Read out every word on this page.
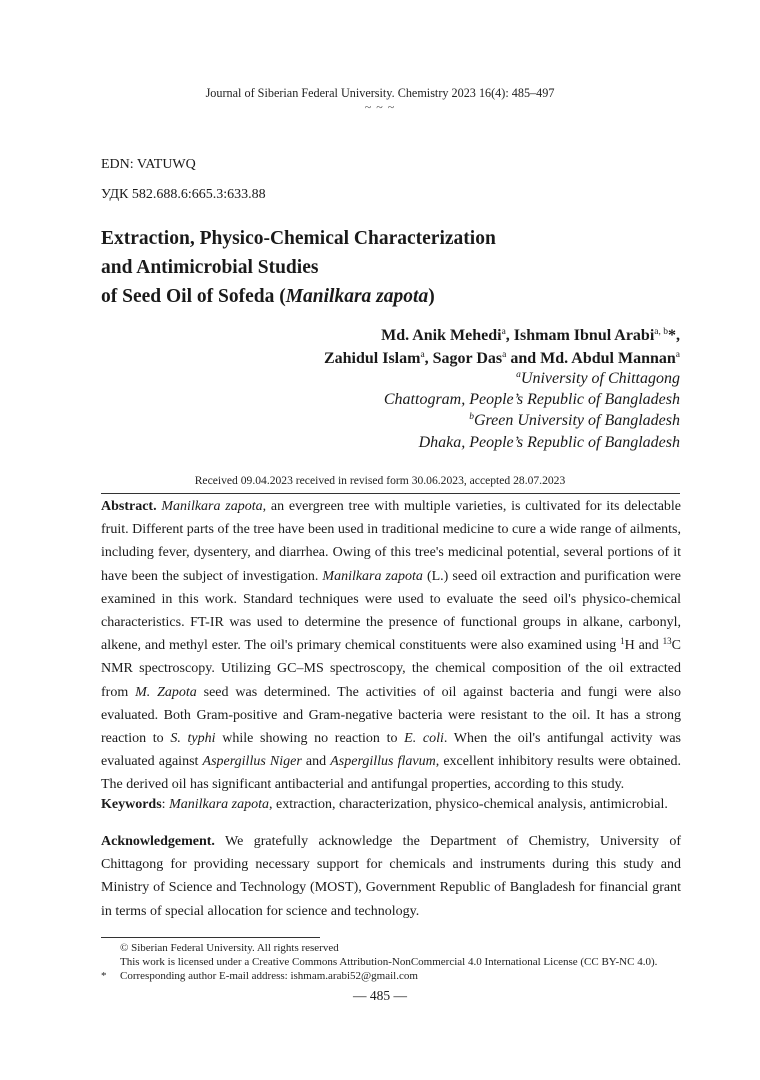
Journal of Siberian Federal University. Chemistry 2023 16(4): 485–497
~ ~ ~
EDN: VATUWQ
УДК 582.688.6:665.3:633.88
Extraction, Physico-Chemical Characterization
and Antimicrobial Studies
of Seed Oil of Sofeda (Manilkara zapota)
Md. Anik Mehedi$^a$, Ishmam Ibnul Arabi$^{a, b}$*,
Zahidul Islam$^a$, Sagor Das$^a$ and Md. Abdul Mannan$^a$
$^a$University of Chittagong
Chattogram, People’s Republic of Bangladesh
$^b$Green University of Bangladesh
Dhaka, People’s Republic of Bangladesh
Received 09.04.2023 received in revised form 30.06.2023, accepted 28.07.2023
Abstract. Manilkara zapota, an evergreen tree with multiple varieties, is cultivated for its delectable fruit. Different parts of the tree have been used in traditional medicine to cure a wide range of ailments, including fever, dysentery, and diarrhea. Owing of this tree's medicinal potential, several portions of it have been the subject of investigation. Manilkara zapota (L.) seed oil extraction and purification were examined in this work. Standard techniques were used to evaluate the seed oil's physico-chemical characteristics. FT-IR was used to determine the presence of functional groups in alkane, carbonyl, alkene, and methyl ester. The oil's primary chemical constituents were also examined using $^1$H and $^{13}$C NMR spectroscopy. Utilizing GC–MS spectroscopy, the chemical composition of the oil extracted from M. Zapota seed was determined. The activities of oil against bacteria and fungi were also evaluated. Both Gram-positive and Gram-negative bacteria were resistant to the oil. It has a strong reaction to S. typhi while showing no reaction to E. coli. When the oil's antifungal activity was evaluated against Aspergillus Niger and Aspergillus flavum, excellent inhibitory results were obtained. The derived oil has significant antibacterial and antifungal properties, according to this study.
Keywords: Manilkara zapota, extraction, characterization, physico-chemical analysis, antimicrobial.
Acknowledgement. We gratefully acknowledge the Department of Chemistry, University of Chittagong for providing necessary support for chemicals and instruments during this study and Ministry of Science and Technology (MOST), Government Republic of Bangladesh for financial grant in terms of special allocation for science and technology.
© Siberian Federal University. All rights reserved
This work is licensed under a Creative Commons Attribution-NonCommercial 4.0 International License (CC BY-NC 4.0).
* Corresponding author E-mail address: ishmam.arabi52@gmail.com
— 485 —
